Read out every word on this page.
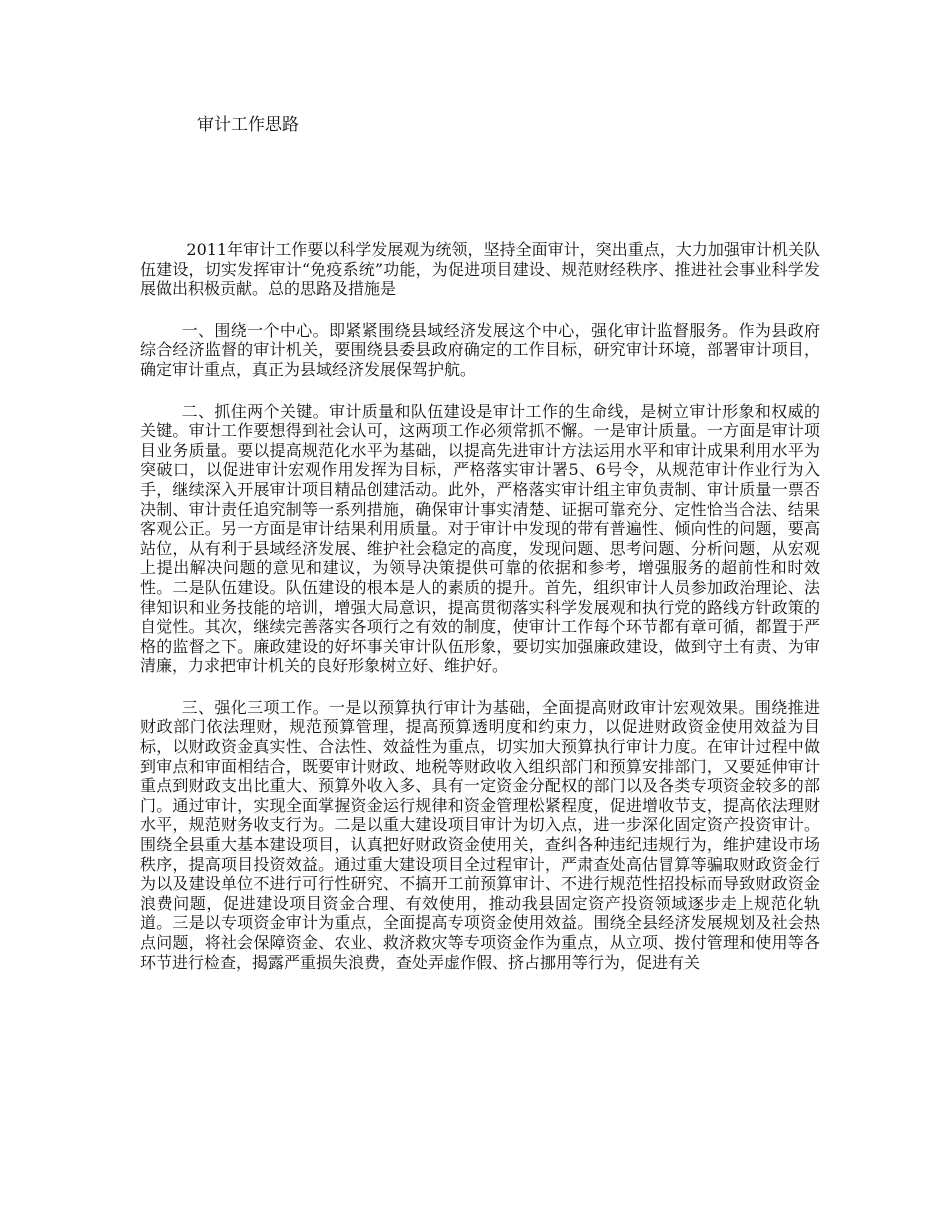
审计工作思路

2011年审计工作要以科学发展观为统领，坚持全面审计，突出重点，大力加强审计机关队伍建设，切实发挥审计“免疫系统”功能，为促进项目建设、规范财经秩序、推进社会事业科学发展做出积极贡献。总的思路及措施是

一、围绕一个中心。即紧紧围绕县域经济发展这个中心，强化审计监督服务。作为县政府综合经济监督的审计机关，要围绕县委县政府确定的工作目标，研究审计环境，部署审计项目，确定审计重点，真正为县域经济发展保驾护航。

二、抓住两个关键。审计质量和队伍建设是审计工作的生命线，是树立审计形象和权威的关键。审计工作要想得到社会认可，这两项工作必须常抓不懈。一是审计质量。一方面是审计项目业务质量。要以提高规范化水平为基础，以提高先进审计方法运用水平和审计成果利用水平为突破口，以促进审计宏观作用发挥为目标，严格落实审计署5、6号令，从规范审计作业行为入手，继续深入开展审计项目精品创建活动。此外，严格落实审计组主审负责制、审计质量一票否决制、审计责任追究制等一系列措施，确保审计事实清楚、证据可靠充分、定性恰当合法、结果客观公正。另一方面是审计结果利用质量。对于审计中发现的带有普遍性、倾向性的问题，要高站位，从有利于县域经济发展、维护社会稳定的高度，发现问题、思考问题、分析问题，从宏观上提出解决问题的意见和建议，为领导决策提供可靠的依据和参考，增强服务的超前性和时效性。二是队伍建设。队伍建设的根本是人的素质的提升。首先，组织审计人员参加政治理论、法律知识和业务技能的培训，增强大局意识，提高贯彻落实科学发展观和执行党的路线方针政策的自觉性。其次，继续完善落实各项行之有效的制度，使审计工作每个环节都有章可循，都置于严格的监督之下。廉政建设的好坏事关审计队伍形象，要切实加强廉政建设，做到守土有责、为审清廉，力求把审计机关的良好形象树立好、维护好。

三、强化三项工作。一是以预算执行审计为基础，全面提高财政审计宏观效果。围绕推进财政部门依法理财，规范预算管理，提高预算透明度和约束力，以促进财政资金使用效益为目标，以财政资金真实性、合法性、效益性为重点，切实加大预算执行审计力度。在审计过程中做到审点和审面相结合，既要审计财政、地税等财政收入组织部门和预算安排部门，又要延伸审计重点到财政支出比重大、预算外收入多、具有一定资金分配权的部门以及各类专项资金较多的部门。通过审计，实现全面掌握资金运行规律和资金管理松紧程度，促进增收节支，提高依法理财水平，规范财务收支行为。二是以重大建设项目审计为切入点，进一步深化固定资产投资审计。围绕全县重大基本建设项目，认真把好财政资金使用关，查纠各种违纪违规行为，维护建设市场秩序，提高项目投资效益。通过重大建设项目全过程审计，严肃查处高估冒算等骗取财政资金行为以及建设单位不进行可行性研究、不搞开工前预算审计、不进行规范性招投标而导致财政资金浪费问题，促进建设项目资金合理、有效使用，推动我县固定资产投资领域逐步走上规范化轨道。三是以专项资金审计为重点，全面提高专项资金使用效益。围绕全县经济发展规划及社会热点问题，将社会保障资金、农业、救济救灾等专项资金作为重点，从立项、拨付管理和使用等各环节进行检查，揭露严重损失浪费，查处弄虚作假、挤占挪用等行为，促进有关
